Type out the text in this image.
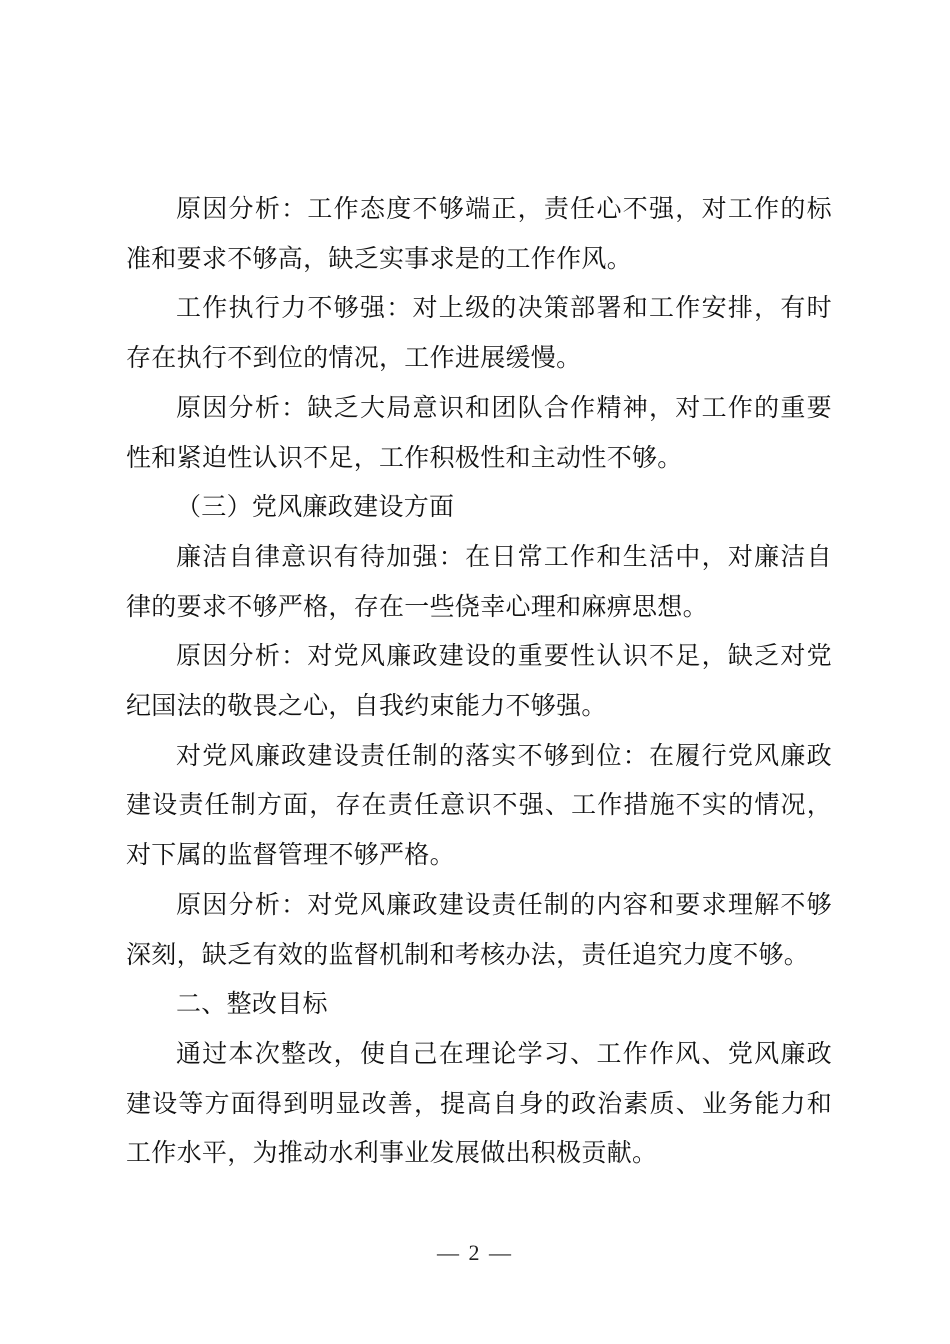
原因分析：工作态度不够端正，责任心不强，对工作的标准和要求不够高，缺乏实事求是的工作作风。

工作执行力不够强：对上级的决策部署和工作安排，有时存在执行不到位的情况，工作进展缓慢。

原因分析：缺乏大局意识和团队合作精神，对工作的重要性和紧迫性认识不足，工作积极性和主动性不够。

（三）党风廉政建设方面

廉洁自律意识有待加强：在日常工作和生活中，对廉洁自律的要求不够严格，存在一些侥幸心理和麻痹思想。

原因分析：对党风廉政建设的重要性认识不足，缺乏对党纪国法的敬畏之心，自我约束能力不够强。

对党风廉政建设责任制的落实不够到位：在履行党风廉政建设责任制方面，存在责任意识不强、工作措施不实的情况，对下属的监督管理不够严格。

原因分析：对党风廉政建设责任制的内容和要求理解不够深刻，缺乏有效的监督机制和考核办法，责任追究力度不够。

二、整改目标

通过本次整改，使自己在理论学习、工作作风、党风廉政建设等方面得到明显改善，提高自身的政治素质、业务能力和工作水平，为推动水利事业发展做出积极贡献。

— 2 —
